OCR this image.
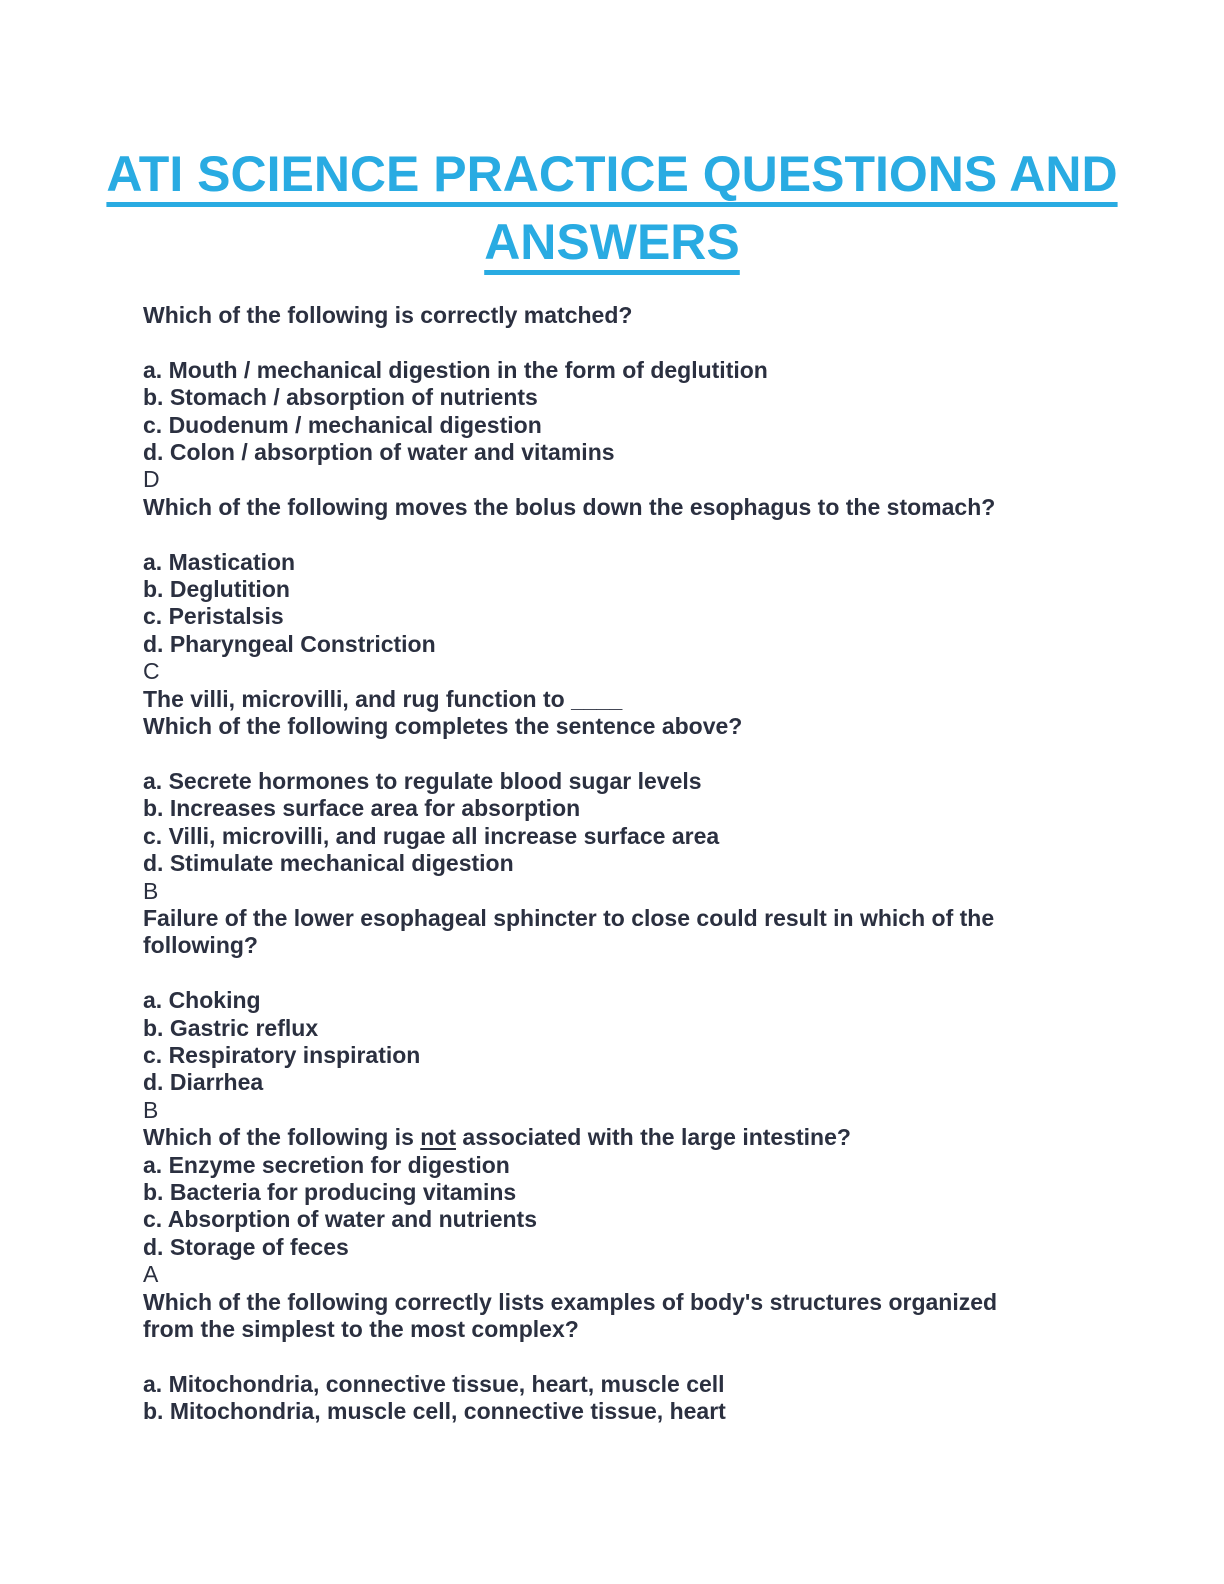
ATI SCIENCE PRACTICE QUESTIONS AND
ANSWERS
Which of the following is correctly matched?

a. Mouth / mechanical digestion in the form of deglutition
b. Stomach / absorption of nutrients
c. Duodenum / mechanical digestion
d. Colon / absorption of water and vitamins
D
Which of the following moves the bolus down the esophagus to the stomach?

a. Mastication
b. Deglutition
c. Peristalsis
d. Pharyngeal Constriction
C
The villi, microvilli, and rug function to ____
Which of the following completes the sentence above?

a. Secrete hormones to regulate blood sugar levels
b. Increases surface area for absorption
c. Villi, microvilli, and rugae all increase surface area
d. Stimulate mechanical digestion
B
Failure of the lower esophageal sphincter to close could result in which of the
following?

a. Choking
b. Gastric reflux
c. Respiratory inspiration
d. Diarrhea
B
Which of the following is not associated with the large intestine?
a. Enzyme secretion for digestion
b. Bacteria for producing vitamins
c. Absorption of water and nutrients
d. Storage of feces
A
Which of the following correctly lists examples of body's structures organized
from the simplest to the most complex?

a. Mitochondria, connective tissue, heart, muscle cell
b. Mitochondria, muscle cell, connective tissue, heart
